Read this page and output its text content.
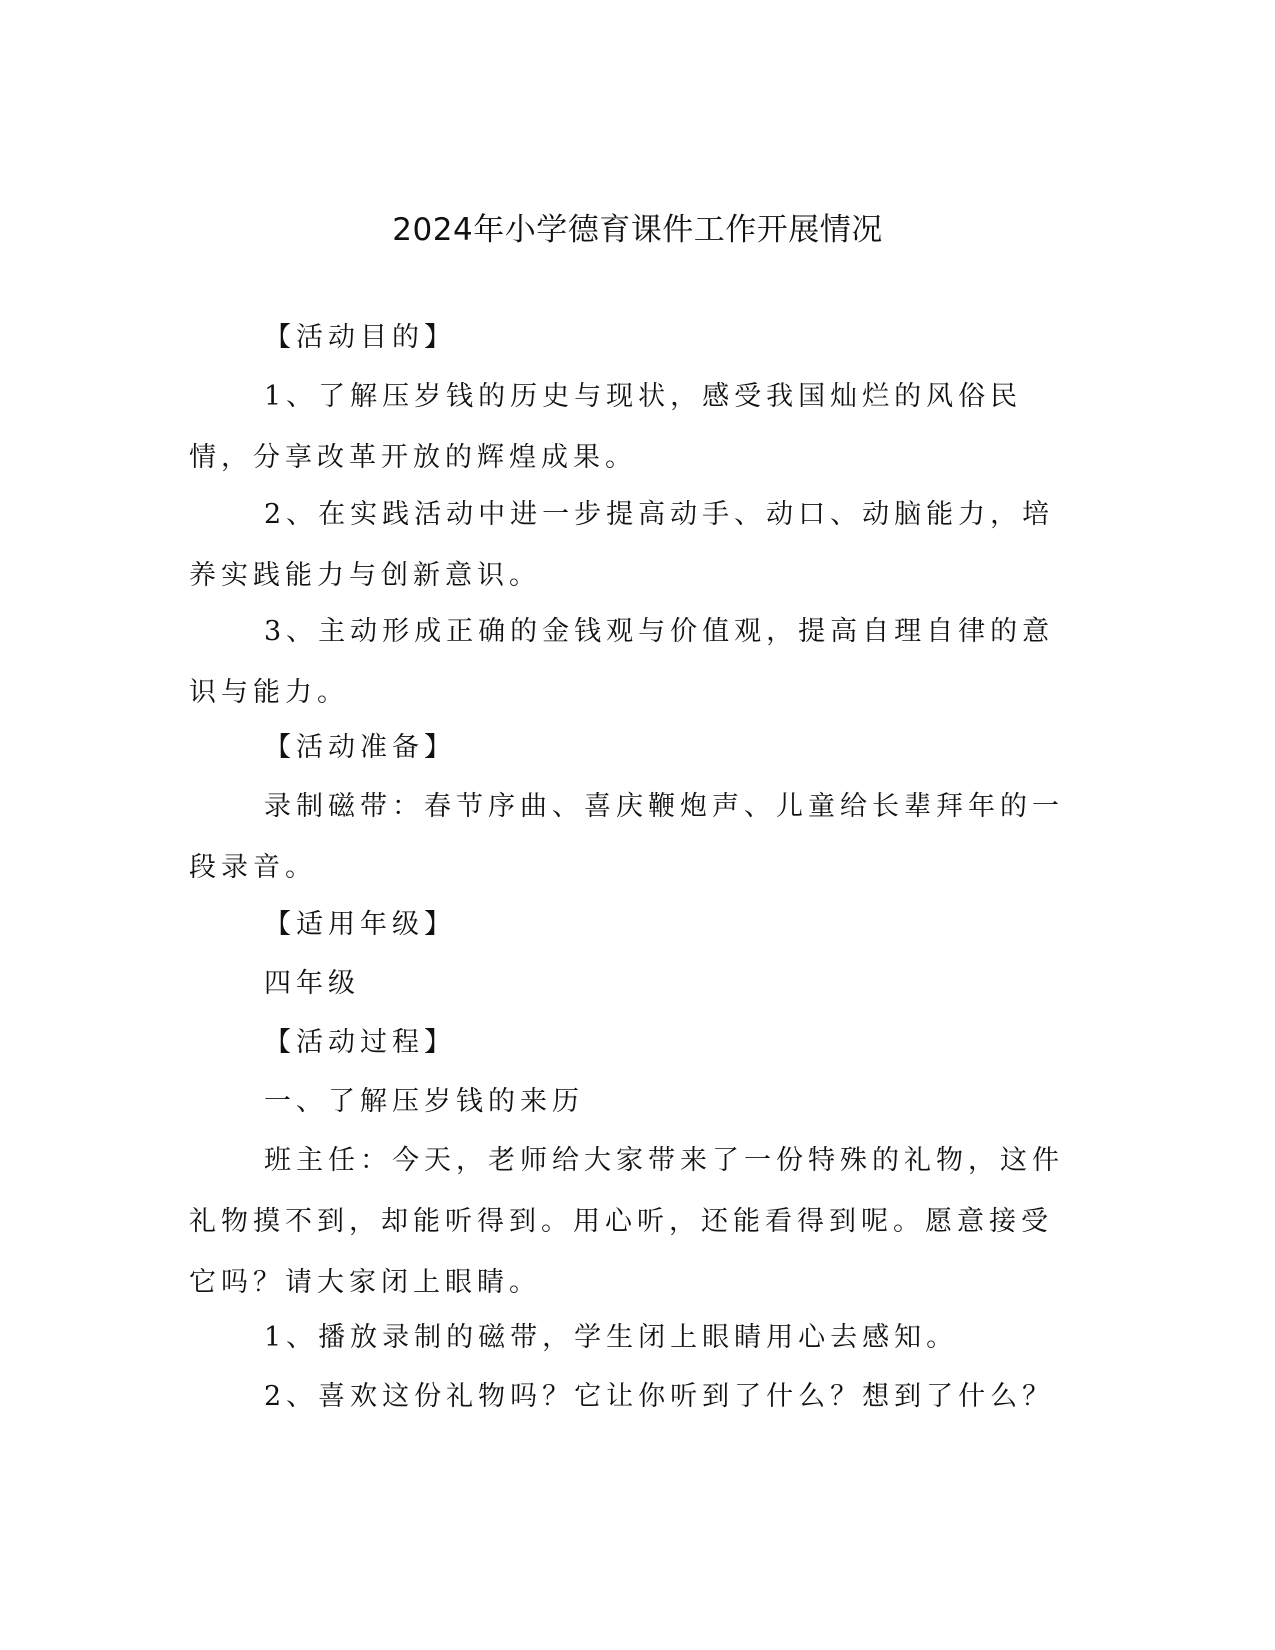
2024年小学德育课件工作开展情况
【活动目的】
1、了解压岁钱的历史与现状，感受我国灿烂的风俗民情，分享改革开放的辉煌成果。
2、在实践活动中进一步提高动手、动口、动脑能力，培养实践能力与创新意识。
3、主动形成正确的金钱观与价值观，提高自理自律的意识与能力。
【活动准备】
录制磁带：春节序曲、喜庆鞭炮声、儿童给长辈拜年的一段录音。
【适用年级】
四年级
【活动过程】
一、了解压岁钱的来历
班主任：今天，老师给大家带来了一份特殊的礼物，这件礼物摸不到，却能听得到。用心听，还能看得到呢。愿意接受它吗？请大家闭上眼睛。
1、播放录制的磁带，学生闭上眼睛用心去感知。
2、喜欢这份礼物吗？它让你听到了什么？想到了什么？
